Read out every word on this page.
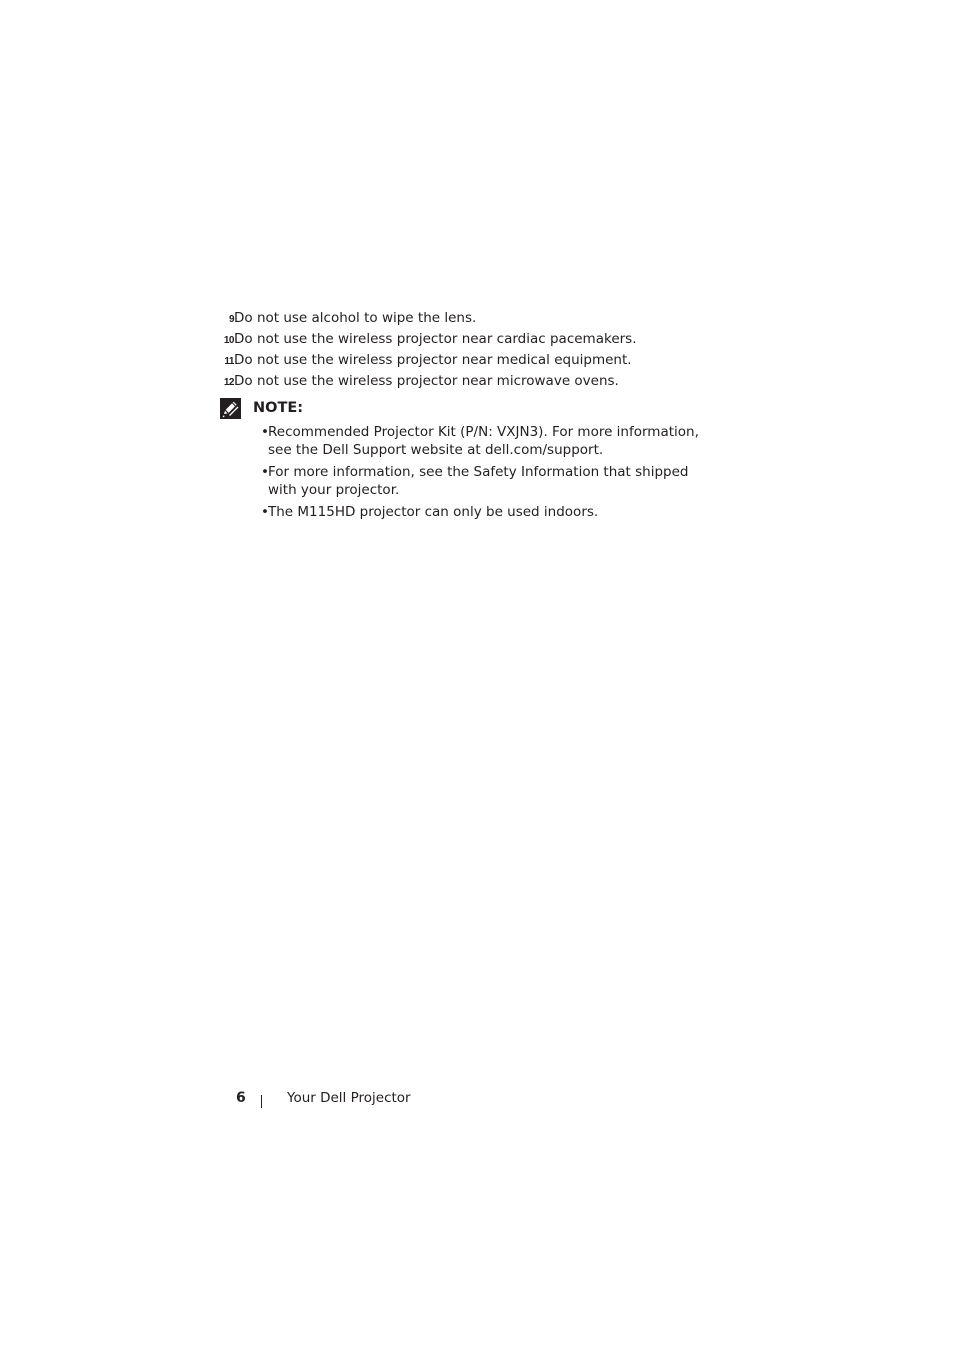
9 Do not use alcohol to wipe the lens.
10 Do not use the wireless projector near cardiac pacemakers.
11 Do not use the wireless projector near medical equipment.
12 Do not use the wireless projector near microwave ovens.
NOTE:
• Recommended Projector Kit (P/N: VXJN3). For more information, see the Dell Support website at dell.com/support.
• For more information, see the Safety Information that shipped with your projector.
• The M115HD projector can only be used indoors.
6	Your Dell Projector
